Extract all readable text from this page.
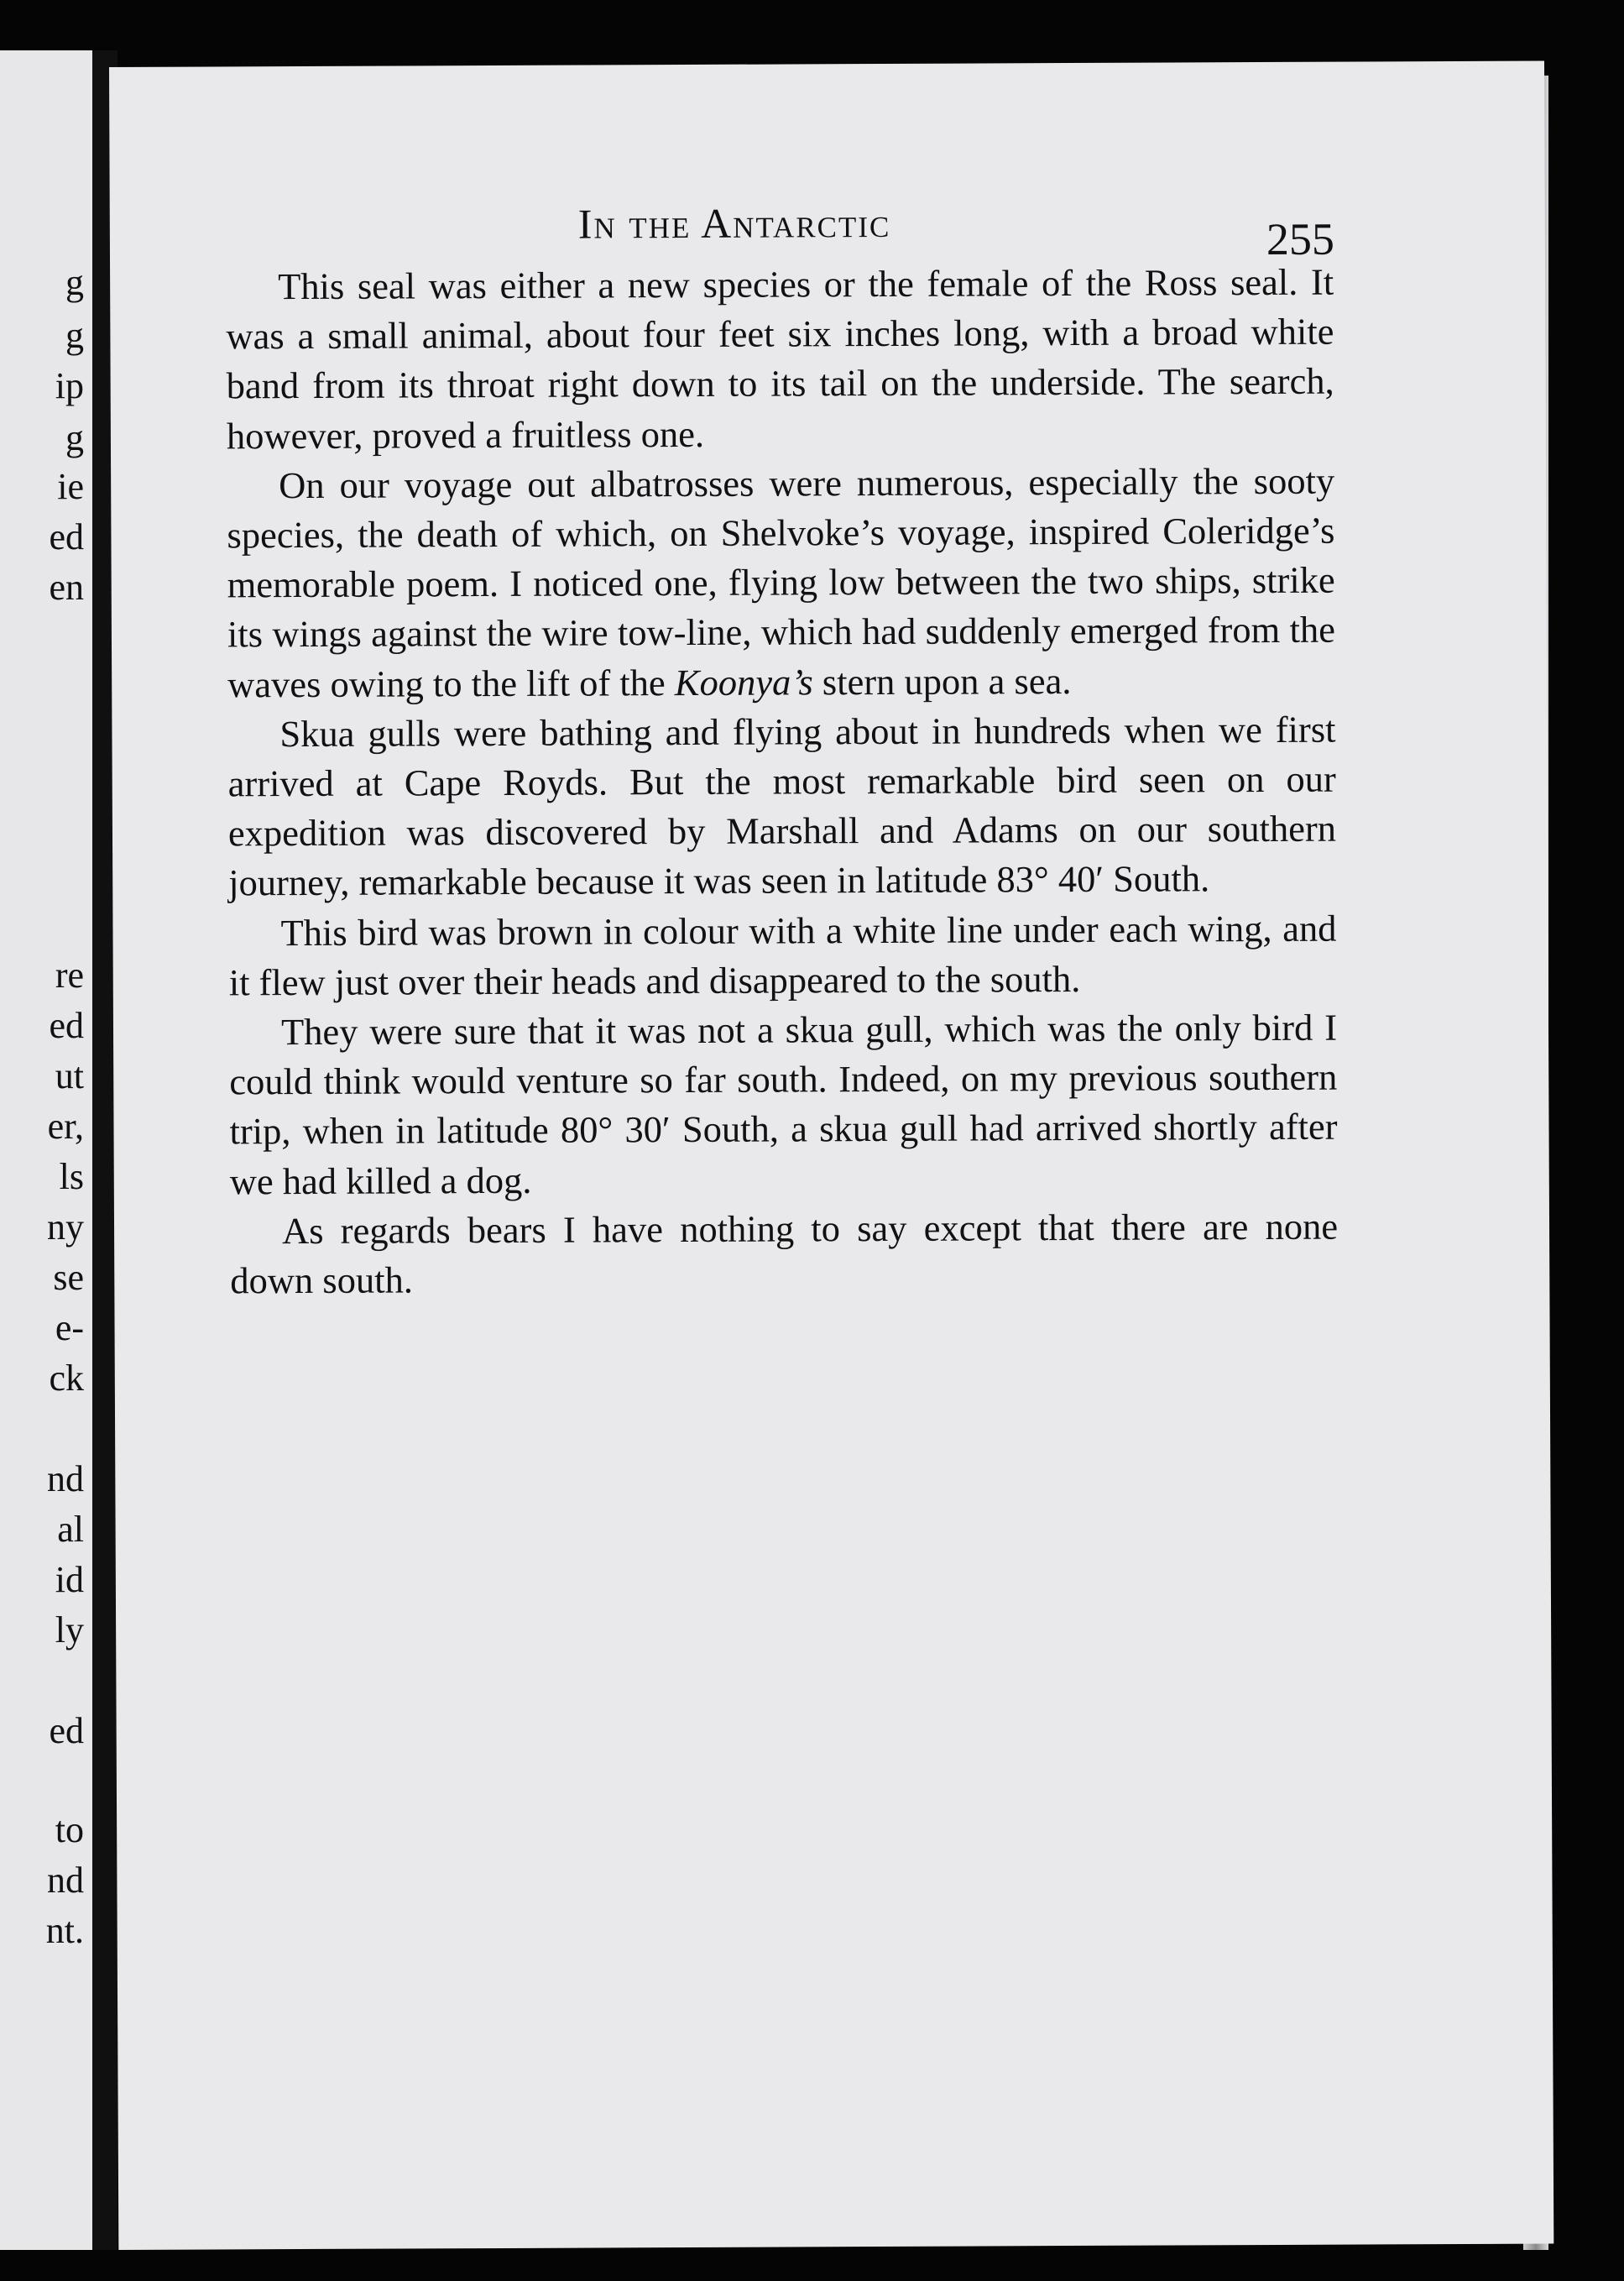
g
g
ip
g
ie
ed
en
re
ed
ut
er,
ls
ny
se
e-
ck
nd
al
id
ly
ed
to
nd
nt.
In the Antarctic	255

This seal was either a new species or the female of the Ross seal. It was a small animal, about four feet six inches long, with a broad white band from its throat right down to its tail on the underside. The search, however, proved a fruitless one.

On our voyage out albatrosses were numerous, especially the sooty species, the death of which, on Shelvoke’s voyage, inspired Coleridge’s memorable poem. I noticed one, flying low between the two ships, strike its wings against the wire tow-line, which had suddenly emerged from the waves owing to the lift of the Koonya’s stern upon a sea.

Skua gulls were bathing and flying about in hundreds when we first arrived at Cape Royds. But the most remarkable bird seen on our expedition was discovered by Marshall and Adams on our southern journey, remarkable because it was seen in latitude 83° 40′ South.

This bird was brown in colour with a white line under each wing, and it flew just over their heads and disappeared to the south.

They were sure that it was not a skua gull, which was the only bird I could think would venture so far south. Indeed, on my previous southern trip, when in latitude 80° 30′ South, a skua gull had arrived shortly after we had killed a dog.

As regards bears I have nothing to say except that there are none down south.
